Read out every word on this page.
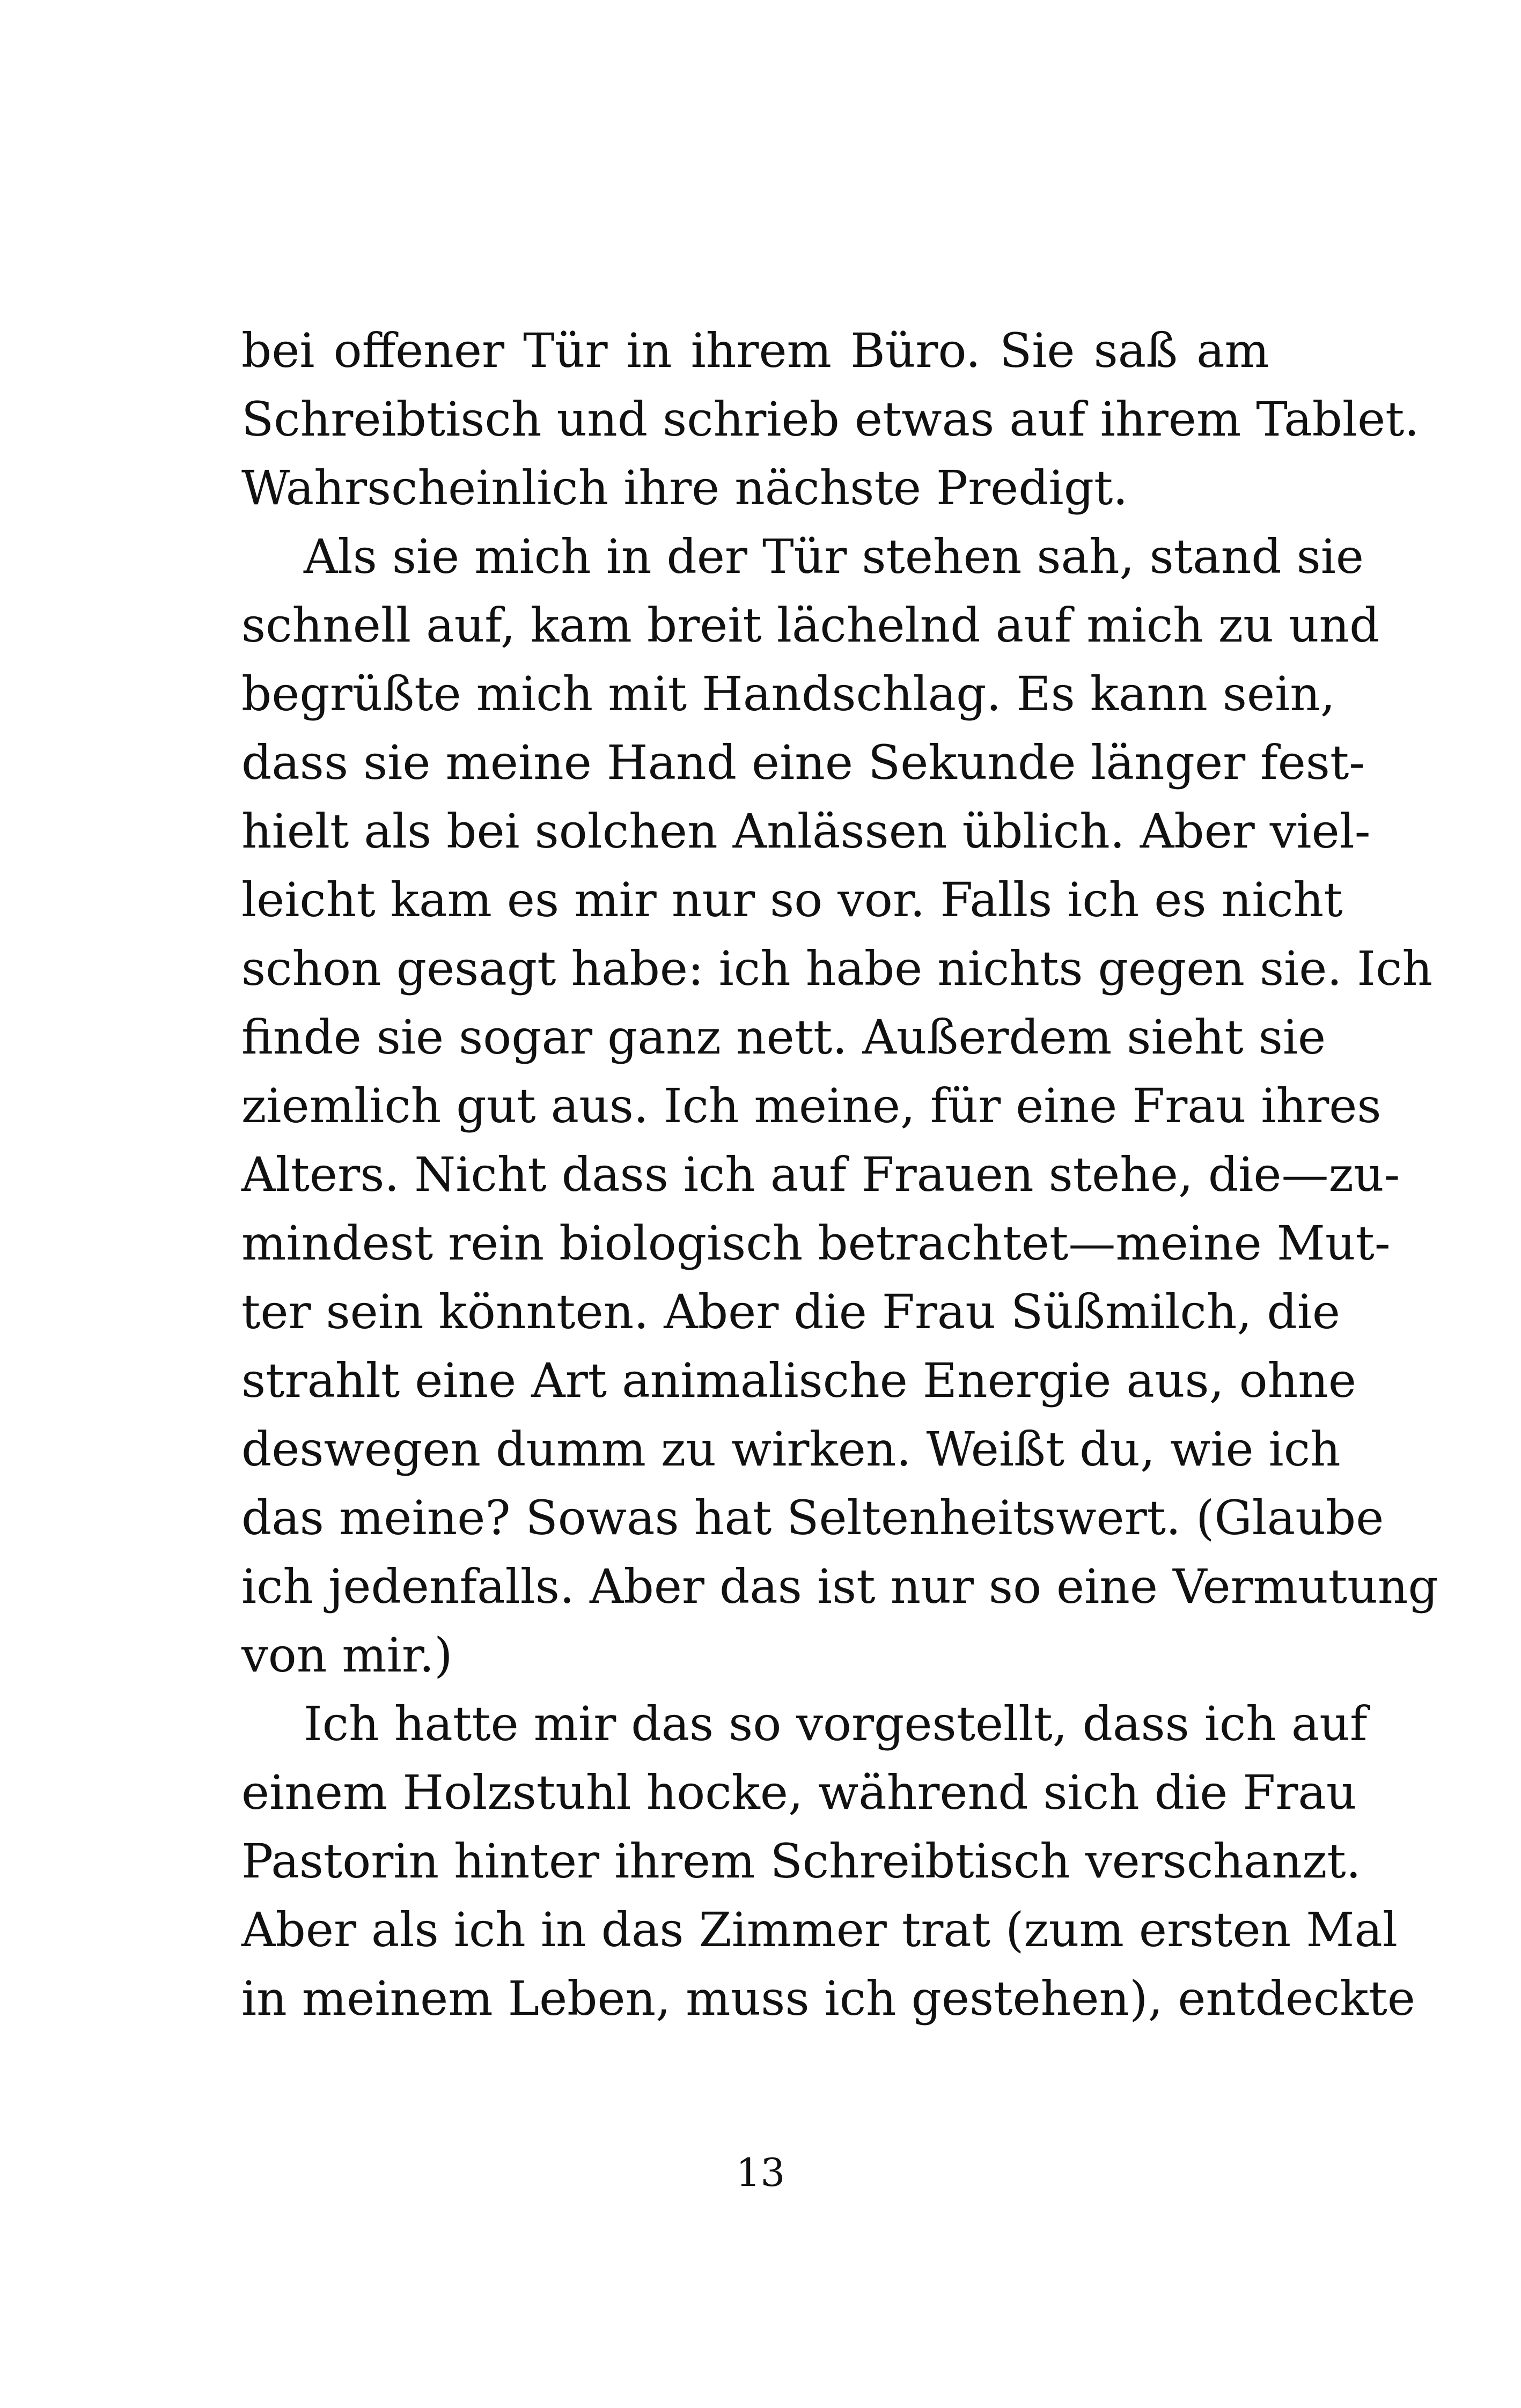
bei offener Tür in ihrem Büro. Sie saß am
Schreibtisch und schrieb etwas auf ihrem Tablet.
Wahrscheinlich ihre nächste Predigt.
Als sie mich in der Tür stehen sah, stand sie
schnell auf, kam breit lächelnd auf mich zu und
begrüßte mich mit Handschlag. Es kann sein,
dass sie meine Hand eine Sekunde länger fest-
hielt als bei solchen Anlässen üblich. Aber viel-
leicht kam es mir nur so vor. Falls ich es nicht
schon gesagt habe: ich habe nichts gegen sie. Ich
finde sie sogar ganz nett. Außerdem sieht sie
ziemlich gut aus. Ich meine, für eine Frau ihres
Alters. Nicht dass ich auf Frauen stehe, die—zu-
mindest rein biologisch betrachtet—meine Mut-
ter sein könnten. Aber die Frau Süßmilch, die
strahlt eine Art animalische Energie aus, ohne
deswegen dumm zu wirken. Weißt du, wie ich
das meine? Sowas hat Seltenheitswert. (Glaube
ich jedenfalls. Aber das ist nur so eine Vermutung
von mir.)
Ich hatte mir das so vorgestellt, dass ich auf
einem Holzstuhl hocke, während sich die Frau
Pastorin hinter ihrem Schreibtisch verschanzt.
Aber als ich in das Zimmer trat (zum ersten Mal
in meinem Leben, muss ich gestehen), entdeckte
13
